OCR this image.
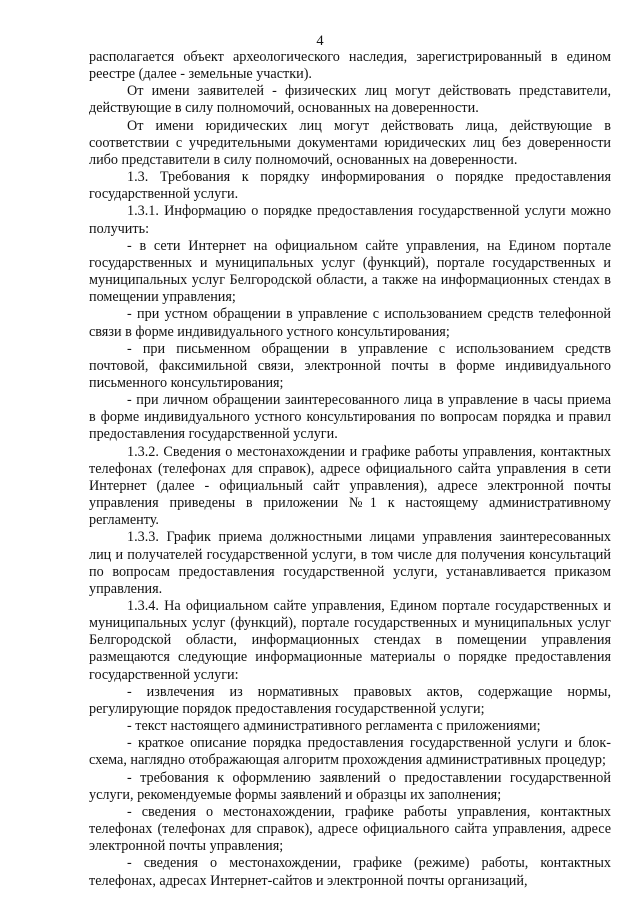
4

располагается объект археологического наследия, зарегистрированный в едином реестре (далее - земельные участки).

От имени заявителей - физических лиц могут действовать представители, действующие в силу полномочий, основанных на доверенности.

От имени юридических лиц могут действовать лица, действующие в соответствии с учредительными документами юридических лиц без доверенности либо представители в силу полномочий, основанных на доверенности.

1.3. Требования к порядку информирования о порядке предоставления государственной услуги.

1.3.1. Информацию о порядке предоставления государственной услуги можно получить:

- в сети Интернет на официальном сайте управления, на Едином портале государственных и муниципальных услуг (функций), портале государственных и муниципальных услуг Белгородской области, а также на информационных стендах в помещении управления;

- при устном обращении в управление с использованием средств телефонной связи в форме индивидуального устного консультирования;

- при письменном обращении в управление с использованием средств почтовой, факсимильной связи, электронной почты в форме индивидуального письменного консультирования;

- при личном обращении заинтересованного лица в управление в часы приема в форме индивидуального устного консультирования по вопросам порядка и правил предоставления государственной услуги.

1.3.2. Сведения о местонахождении и графике работы управления, контактных телефонах (телефонах для справок), адресе официального сайта управления в сети Интернет (далее - официальный сайт управления), адресе электронной почты управления приведены в приложении №1 к настоящему административному регламенту.

1.3.3. График приема должностными лицами управления заинтересованных лиц и получателей государственной услуги, в том числе для получения консультаций по вопросам предоставления государственной услуги, устанавливается приказом управления.

1.3.4. На официальном сайте управления, Едином портале государственных и муниципальных услуг (функций), портале государственных и муниципальных услуг Белгородской области, информационных стендах в помещении управления размещаются следующие информационные материалы о порядке предоставления государственной услуги:

- извлечения из нормативных правовых актов, содержащие нормы, регулирующие порядок предоставления государственной услуги;

- текст настоящего административного регламента с приложениями;

- краткое описание порядка предоставления государственной услуги и блок-схема, наглядно отображающая алгоритм прохождения административных процедур;

- требования к оформлению заявлений о предоставлении государственной услуги, рекомендуемые формы заявлений и образцы их заполнения;

- сведения о местонахождении, графике работы управления, контактных телефонах (телефонах для справок), адресе официального сайта управления, адресе электронной почты управления;

- сведения о местонахождении, графике (режиме) работы, контактных телефонах, адресах Интернет-сайтов и электронной почты организаций,
